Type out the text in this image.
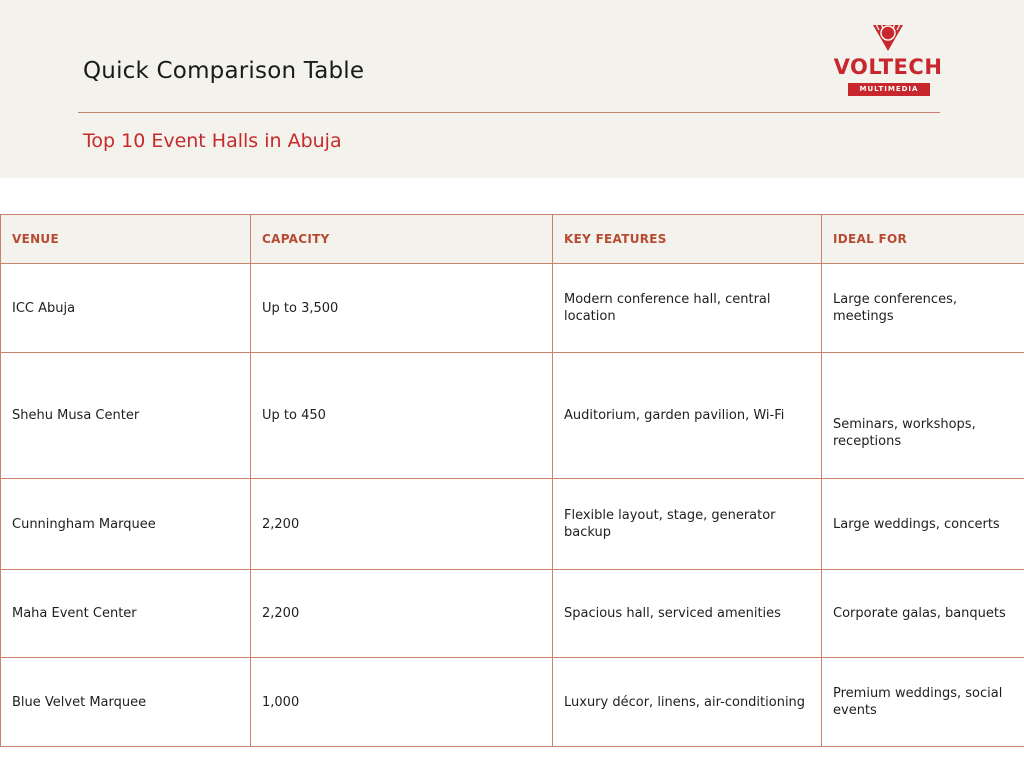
Quick Comparison Table
Top 10 Event Halls in Abuja
VOLTECH
MULTIMEDIA
VENUE	CAPACITY	KEY FEATURES	IDEAL FOR
ICC Abuja	Up to 3,500	Modern conference hall, central location	Large conferences, meetings
Shehu Musa Center	Up to 450	Auditorium, garden pavilion, Wi-Fi	Seminars, workshops, receptions
Cunningham Marquee	2,200	Flexible layout, stage, generator backup	Large weddings, concerts
Maha Event Center	2,200	Spacious hall, serviced amenities	Corporate galas, banquets
Blue Velvet Marquee	1,000	Luxury décor, linens, air-conditioning	Premium weddings, social events
